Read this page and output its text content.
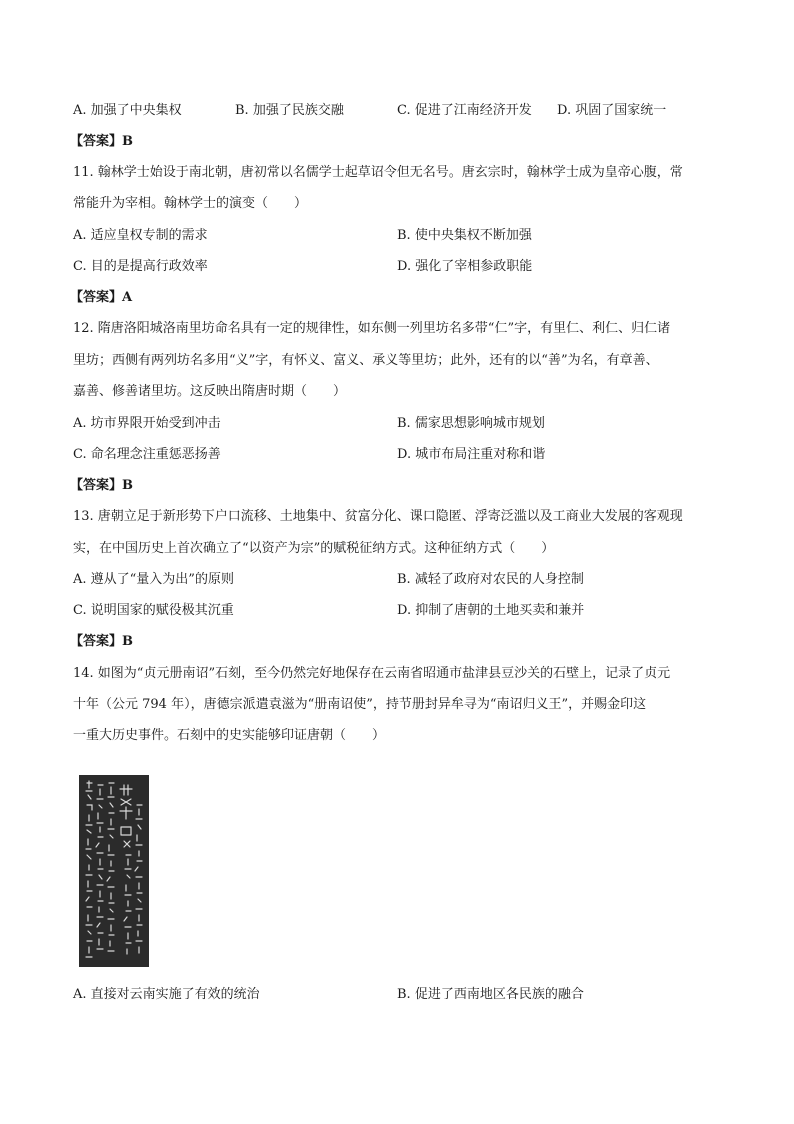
A. 加强了中央集权	B. 加强了民族交融	C. 促进了江南经济开发 D. 巩固了国家统一
【答案】B
11. 翰林学士始设于南北朝，唐初常以名儒学士起草诏令但无名号。唐玄宗时，翰林学士成为皇帝心腹，常
常能升为宰相。翰林学士的演变（　　）
A. 适应皇权专制的需求	B. 使中央集权不断加强
C. 目的是提高行政效率	D. 强化了宰相参政职能
【答案】A
12. 隋唐洛阳城洛南里坊命名具有一定的规律性，如东侧一列里坊名多带“仁”字，有里仁、利仁、归仁诸
里坊；西侧有两列坊名多用“义”字，有怀义、富义、承义等里坊；此外，还有的以“善”为名，有章善、
嘉善、修善诸里坊。这反映出隋唐时期（　　）
A. 坊市界限开始受到冲击	B. 儒家思想影响城市规划
C. 命名理念注重惩恶扬善	D. 城市布局注重对称和谐
【答案】B
13. 唐朝立足于新形势下户口流移、土地集中、贫富分化、课口隐匿、浮寄泛滥以及工商业大发展的客观现
实，在中国历史上首次确立了“以资产为宗”的赋税征纳方式。这种征纳方式（　　）
A. 遵从了“量入为出”的原则	B. 减轻了政府对农民的人身控制
C. 说明国家的赋役极其沉重	D. 抑制了唐朝的土地买卖和兼并
【答案】B
14. 如图为“贞元册南诏”石刻，至今仍然完好地保存在云南省昭通市盐津县豆沙关的石壁上，记录了贞元
十年（公元 794 年），唐德宗派遣袁滋为“册南诏使”，持节册封异牟寻为“南诏归义王”，并赐金印这
一重大历史事件。石刻中的史实能够印证唐朝（　　）
A. 直接对云南实施了有效的统治	B. 促进了西南地区各民族的融合
